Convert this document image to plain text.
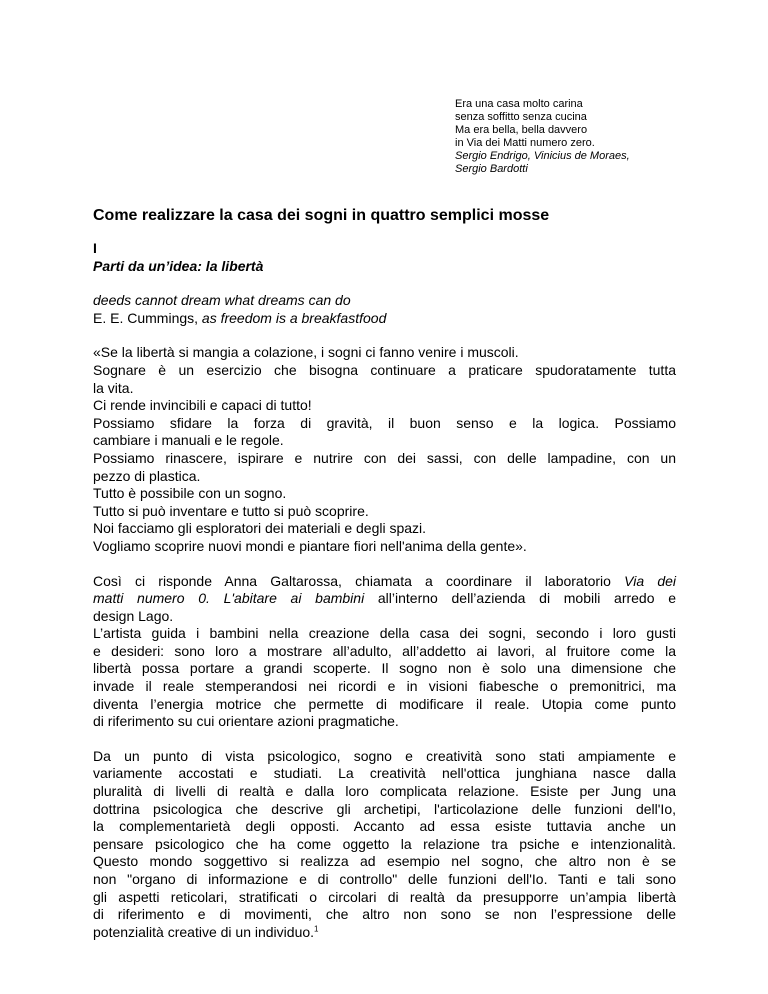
Era una casa molto carina
senza soffitto senza cucina
Ma era bella, bella davvero
in Via dei Matti numero zero.
Sergio Endrigo, Vinicius de Moraes,
Sergio Bardotti
Come realizzare la casa dei sogni in quattro semplici mosse

I

Parti da un’idea: la libertà

deeds cannot dream what dreams can do

E. E. Cummings, as freedom is a breakfastfood

«Se la libertà si mangia a colazione, i sogni ci fanno venire i muscoli.

Sognare è un esercizio che bisogna continuare a praticare spudoratamente tutta

la vita.

Ci rende invincibili e capaci di tutto!

Possiamo sfidare la forza di gravità, il buon senso e la logica. Possiamo

cambiare i manuali e le regole.

Possiamo rinascere, ispirare e nutrire con dei sassi, con delle lampadine, con un

pezzo di plastica.

Tutto è possibile con un sogno.

Tutto si può inventare e tutto si può scoprire.

Noi facciamo gli esploratori dei materiali e degli spazi.

Vogliamo scoprire nuovi mondi e piantare fiori nell'anima della gente».

Così ci risponde Anna Galtarossa, chiamata a coordinare il laboratorio Via dei

matti numero 0. L'abitare ai bambini all’interno dell’azienda di mobili arredo e

design Lago.

L’artista guida i bambini nella creazione della casa dei sogni, secondo i loro gusti

e desideri: sono loro a mostrare all’adulto, all’addetto ai lavori, al fruitore come la

libertà possa portare a grandi scoperte. Il sogno non è solo una dimensione che

invade il reale stemperandosi nei ricordi e in visioni fiabesche o premonitrici, ma

diventa l’energia motrice che permette di modificare il reale. Utopia come punto

di riferimento su cui orientare azioni pragmatiche.

Da un punto di vista psicologico, sogno e creatività sono stati ampiamente e

variamente accostati e studiati. La creatività nell'ottica junghiana nasce dalla

pluralità di livelli di realtà e dalla loro complicata relazione. Esiste per Jung una

dottrina psicologica che descrive gli archetipi, l'articolazione delle funzioni dell'Io,

la complementarietà degli opposti. Accanto ad essa esiste tuttavia anche un

pensare psicologico che ha come oggetto la relazione tra psiche e intenzionalità.

Questo mondo soggettivo si realizza ad esempio nel sogno, che altro non è se

non "organo di informazione e di controllo" delle funzioni dell'Io. Tanti e tali sono

gli aspetti reticolari, stratificati o circolari di realtà da presupporre un’ampia libertà

di riferimento e di movimenti, che altro non sono se non l’espressione delle

potenzialità creative di un individuo.$^1$
